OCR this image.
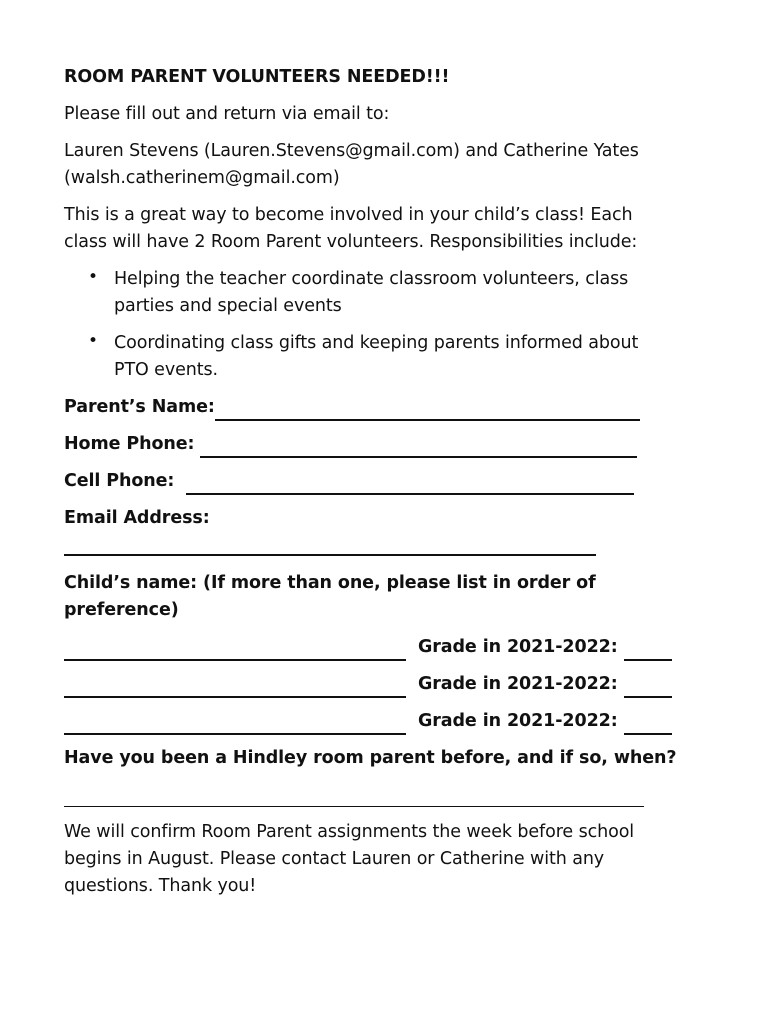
ROOM PARENT VOLUNTEERS NEEDED!!!

Please fill out and return via email to:

Lauren Stevens (Lauren.Stevens@gmail.com) and Catherine Yates

(walsh.catherinem@gmail.com)

This is a great way to become involved in your child’s class! Each

class will have 2 Room Parent volunteers. Responsibilities include:

• Helping the teacher coordinate classroom volunteers, class

parties and special events

• Coordinating class gifts and keeping parents informed about

PTO events.

Parent’s Name:
Home Phone:
Cell Phone:

Email Address:

Child’s name: (If more than one, please list in order of

preference)

Grade in 2021-2022:
Grade in 2021-2022:
Grade in 2021-2022:

Have you been a Hindley room parent before, and if so, when?

We will confirm Room Parent assignments the week before school

begins in August. Please contact Lauren or Catherine with any

questions. Thank you!
